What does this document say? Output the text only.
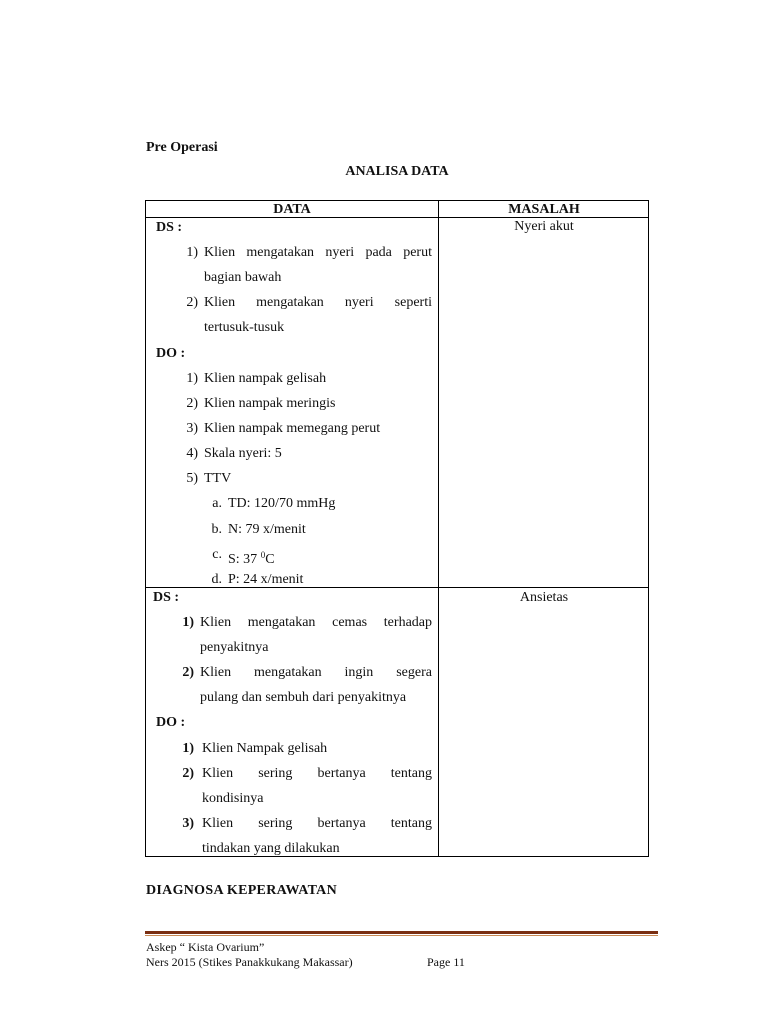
Pre Operasi
ANALISA DATA
DATA	MASALAH
Nyeri akut
DS :
1) Klien mengatakan nyeri pada perut
bagian bawah
2) Klien mengatakan nyeri seperti
tertusuk-tusuk
DO :
1) Klien nampak gelisah
2) Klien nampak meringis
3) Klien nampak memegang perut
4) Skala nyeri: 5
5) TTV
a. TD: 120/70 mmHg
b. N: 79 x/menit
c. S: 37 $^0$C
d. P: 24 x/menit
Ansietas
DS :
1) Klien mengatakan cemas terhadap
penyakitnya
2) Klien mengatakan ingin segera
pulang dan sembuh dari penyakitnya
DO :
1) Klien Nampak gelisah
2) Klien sering bertanya tentang
kondisinya
3) Klien sering bertanya tentang
tindakan yang dilakukan
DIAGNOSA KEPERAWATAN
Askep “ Kista Ovarium”
Ners 2015 (Stikes Panakkukang Makassar)	Page 11
